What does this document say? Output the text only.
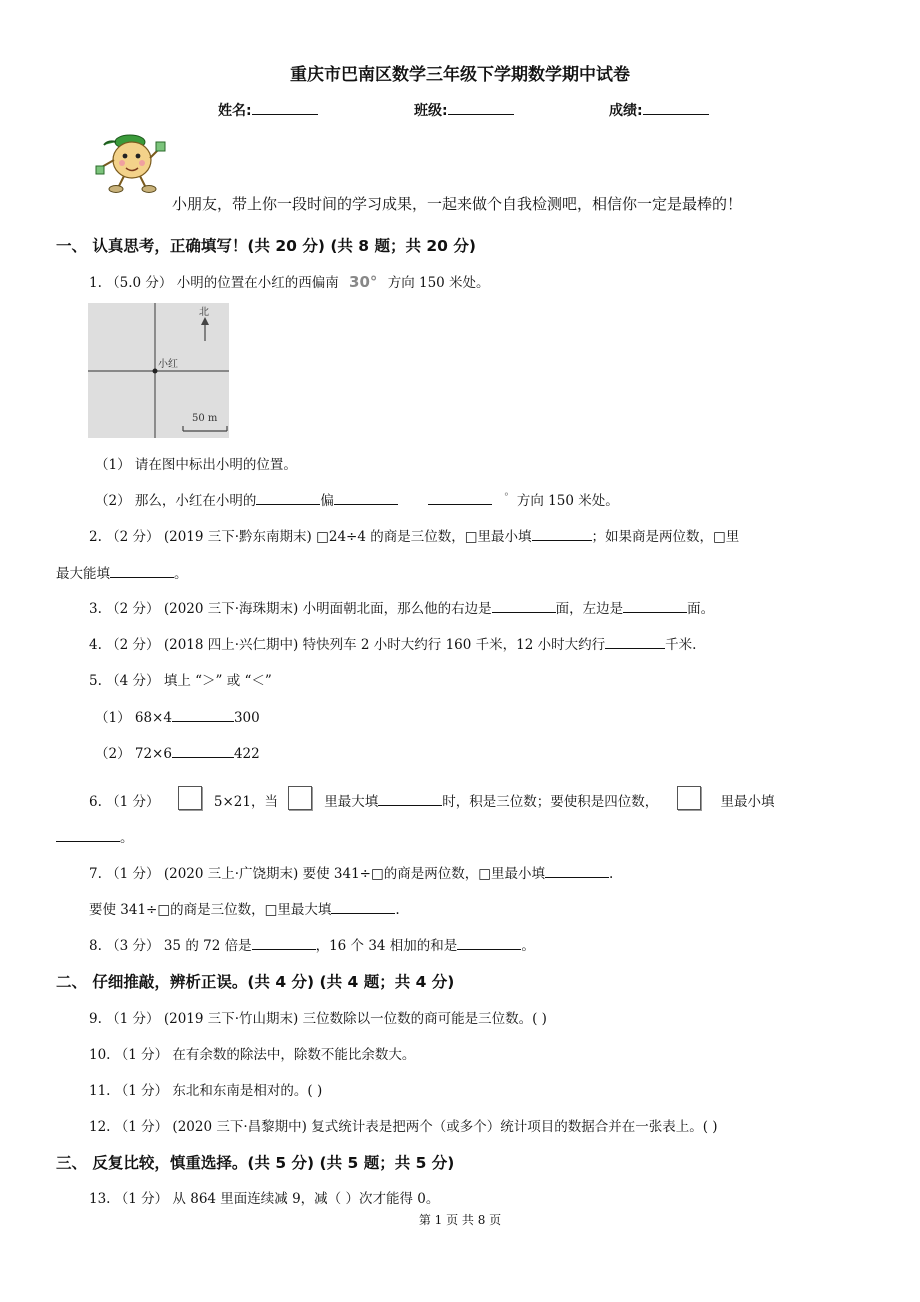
重庆市巴南区数学三年级下学期数学期中试卷
姓名:	班级:	成绩:
小朋友，带上你一段时间的学习成果，一起来做个自我检测吧，相信你一定是最棒的！
一、 认真思考，正确填写！(共 20 分) (共 8 题；共 20 分)
1. （5.0 分） 小明的位置在小红的西偏南 30° 方向 150 米处。
北
小红
50 m
（1） 请在图中标出小明的位置。
（2） 那么，小红在小明的	偏	° 方向 150 米处。
2. （2 分） (2019 三下·黔东南期末) □24÷4 的商是三位数，□里最小填	；如果商是两位数，□里
最大能填	。
3. （2 分） (2020 三下·海珠期末) 小明面朝北面，那么他的右边是	面，左边是	面。
4. （2 分） (2018 四上·兴仁期中) 特快列车 2 小时大约行 160 千米，12 小时大约行	千米.
5. （4 分） 填上 “＞” 或 “＜”
（1） 68×4	300
（2） 72×6	422
6. （1 分）	5×21，当	里最大填	时，积是三位数；要使积是四位数，	里最小填
。
7. （1 分） (2020 三上·广饶期末) 要使 341÷□的商是两位数，□里最小填	.
要使 341÷□的商是三位数，□里最大填	.
8. （3 分） 35 的 72 倍是	，16 个 34 相加的和是	。
二、 仔细推敲，辨析正误。(共 4 分) (共 4 题；共 4 分)
9. （1 分） (2019 三下·竹山期末) 三位数除以一位数的商可能是三位数。( )
10. （1 分） 在有余数的除法中，除数不能比余数大。
11. （1 分） 东北和东南是相对的。( )
12. （1 分） (2020 三下·昌黎期中) 复式统计表是把两个（或多个）统计项目的数据合并在一张表上。( )
三、 反复比较，慎重选择。(共 5 分) (共 5 题；共 5 分)
13. （1 分） 从 864 里面连续减 9，减（ ）次才能得 0。
第 1 页 共 8 页
